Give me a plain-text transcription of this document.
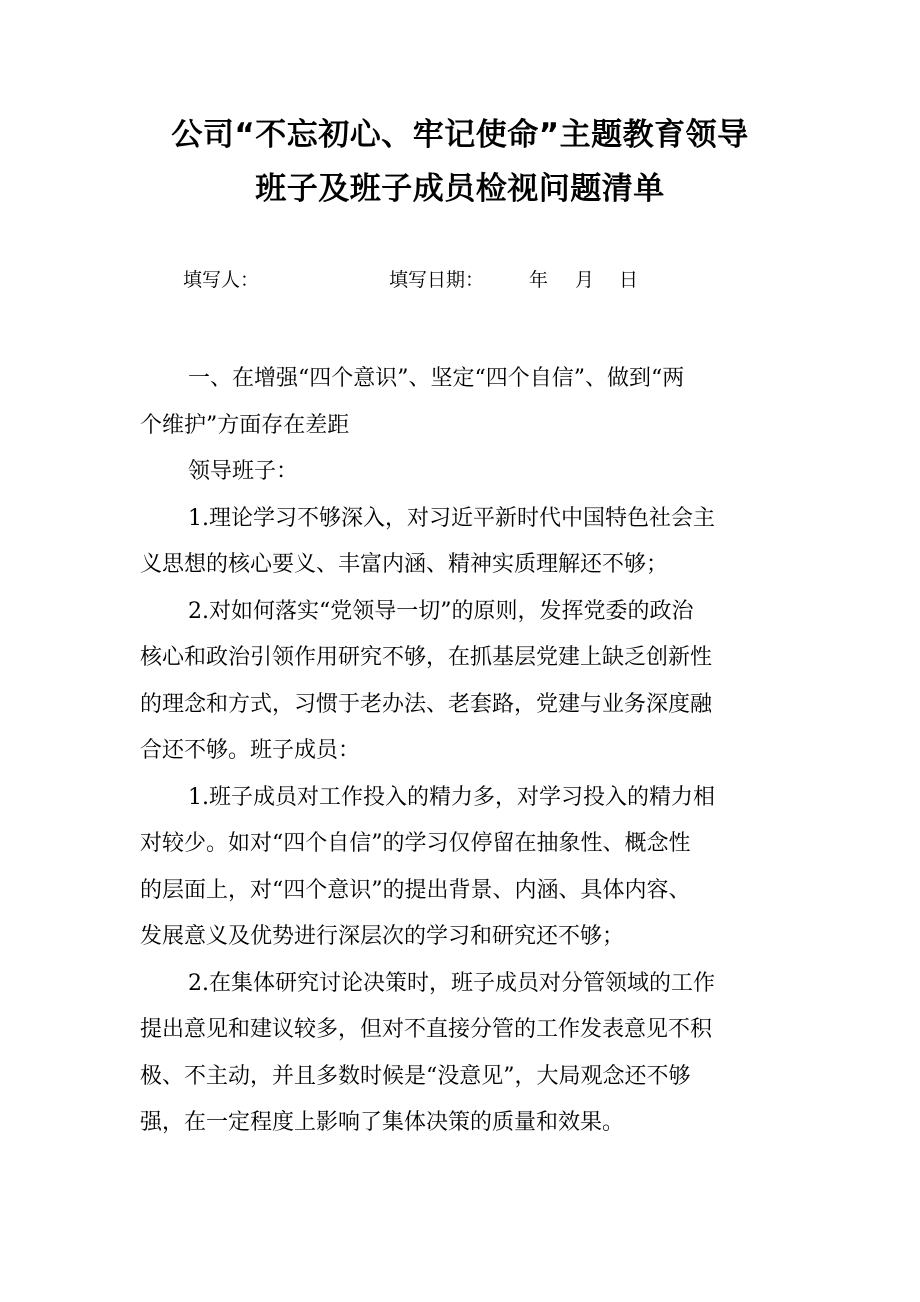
公司“不忘初心、牢记使命”主题教育领导
班子及班子成员检视问题清单

填写人：

	填写日期：

年

月

日

一、在增强“四个意识”、坚定“四个自信”、做到“两
个维护”方面存在差距

领导班子：

1.理论学习不够深入，对习近平新时代中国特色社会主
义思想的核心要义、丰富内涵、精神实质理解还不够；

2.对如何落实“党领导一切”的原则，发挥党委的政治
核心和政治引领作用研究不够，在抓基层党建上缺乏创新性
的理念和方式，习惯于老办法、老套路，党建与业务深度融
合还不够。班子成员：

1.班子成员对工作投入的精力多，对学习投入的精力相
对较少。如对“四个自信”的学习仅停留在抽象性、概念性
的层面上，对“四个意识”的提出背景、内涵、具体内容、
发展意义及优势进行深层次的学习和研究还不够；

2.在集体研究讨论决策时，班子成员对分管领域的工作
提出意见和建议较多，但对不直接分管的工作发表意见不积
极、不主动，并且多数时候是“没意见”，大局观念还不够
强，在一定程度上影响了集体决策的质量和效果。
